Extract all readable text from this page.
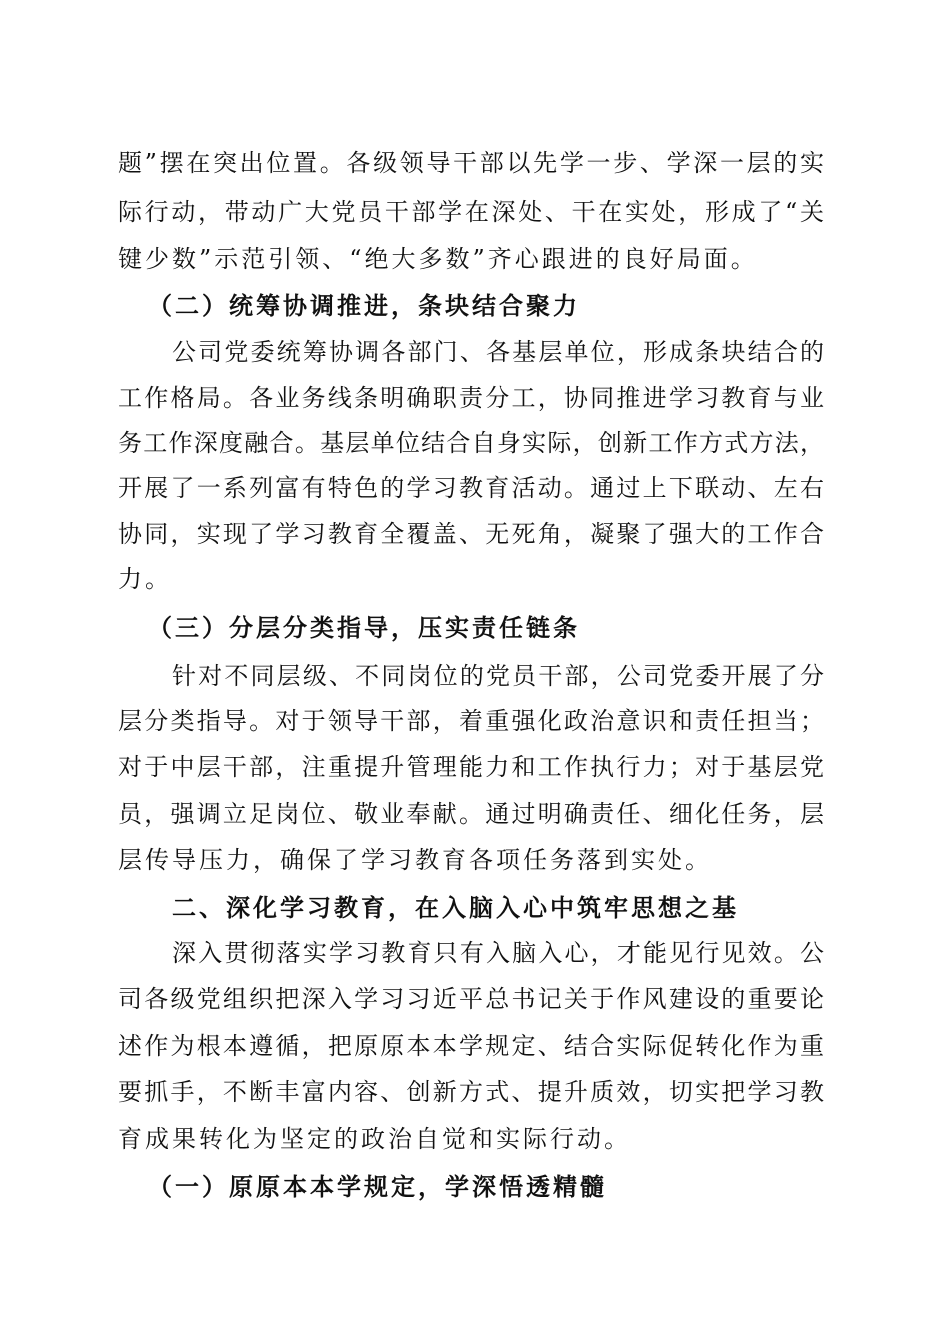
题”摆在突出位置。各级领导干部以先学一步、学深一层的实
际行动，带动广大党员干部学在深处、干在实处，形成了“关
键少数”示范引领、“绝大多数”齐心跟进的良好局面。
（二）统筹协调推进，条块结合聚力
公司党委统筹协调各部门、各基层单位，形成条块结合的
工作格局。各业务线条明确职责分工，协同推进学习教育与业
务工作深度融合。基层单位结合自身实际，创新工作方式方法，
开展了一系列富有特色的学习教育活动。通过上下联动、左右
协同，实现了学习教育全覆盖、无死角，凝聚了强大的工作合
力。
（三）分层分类指导，压实责任链条
针对不同层级、不同岗位的党员干部，公司党委开展了分
层分类指导。对于领导干部，着重强化政治意识和责任担当；
对于中层干部，注重提升管理能力和工作执行力；对于基层党
员，强调立足岗位、敬业奉献。通过明确责任、细化任务，层
层传导压力，确保了学习教育各项任务落到实处。
二、深化学习教育，在入脑入心中筑牢思想之基
深入贯彻落实学习教育只有入脑入心，才能见行见效。公
司各级党组织把深入学习习近平总书记关于作风建设的重要论
述作为根本遵循，把原原本本学规定、结合实际促转化作为重
要抓手，不断丰富内容、创新方式、提升质效，切实把学习教
育成果转化为坚定的政治自觉和实际行动。
（一）原原本本学规定，学深悟透精髓
